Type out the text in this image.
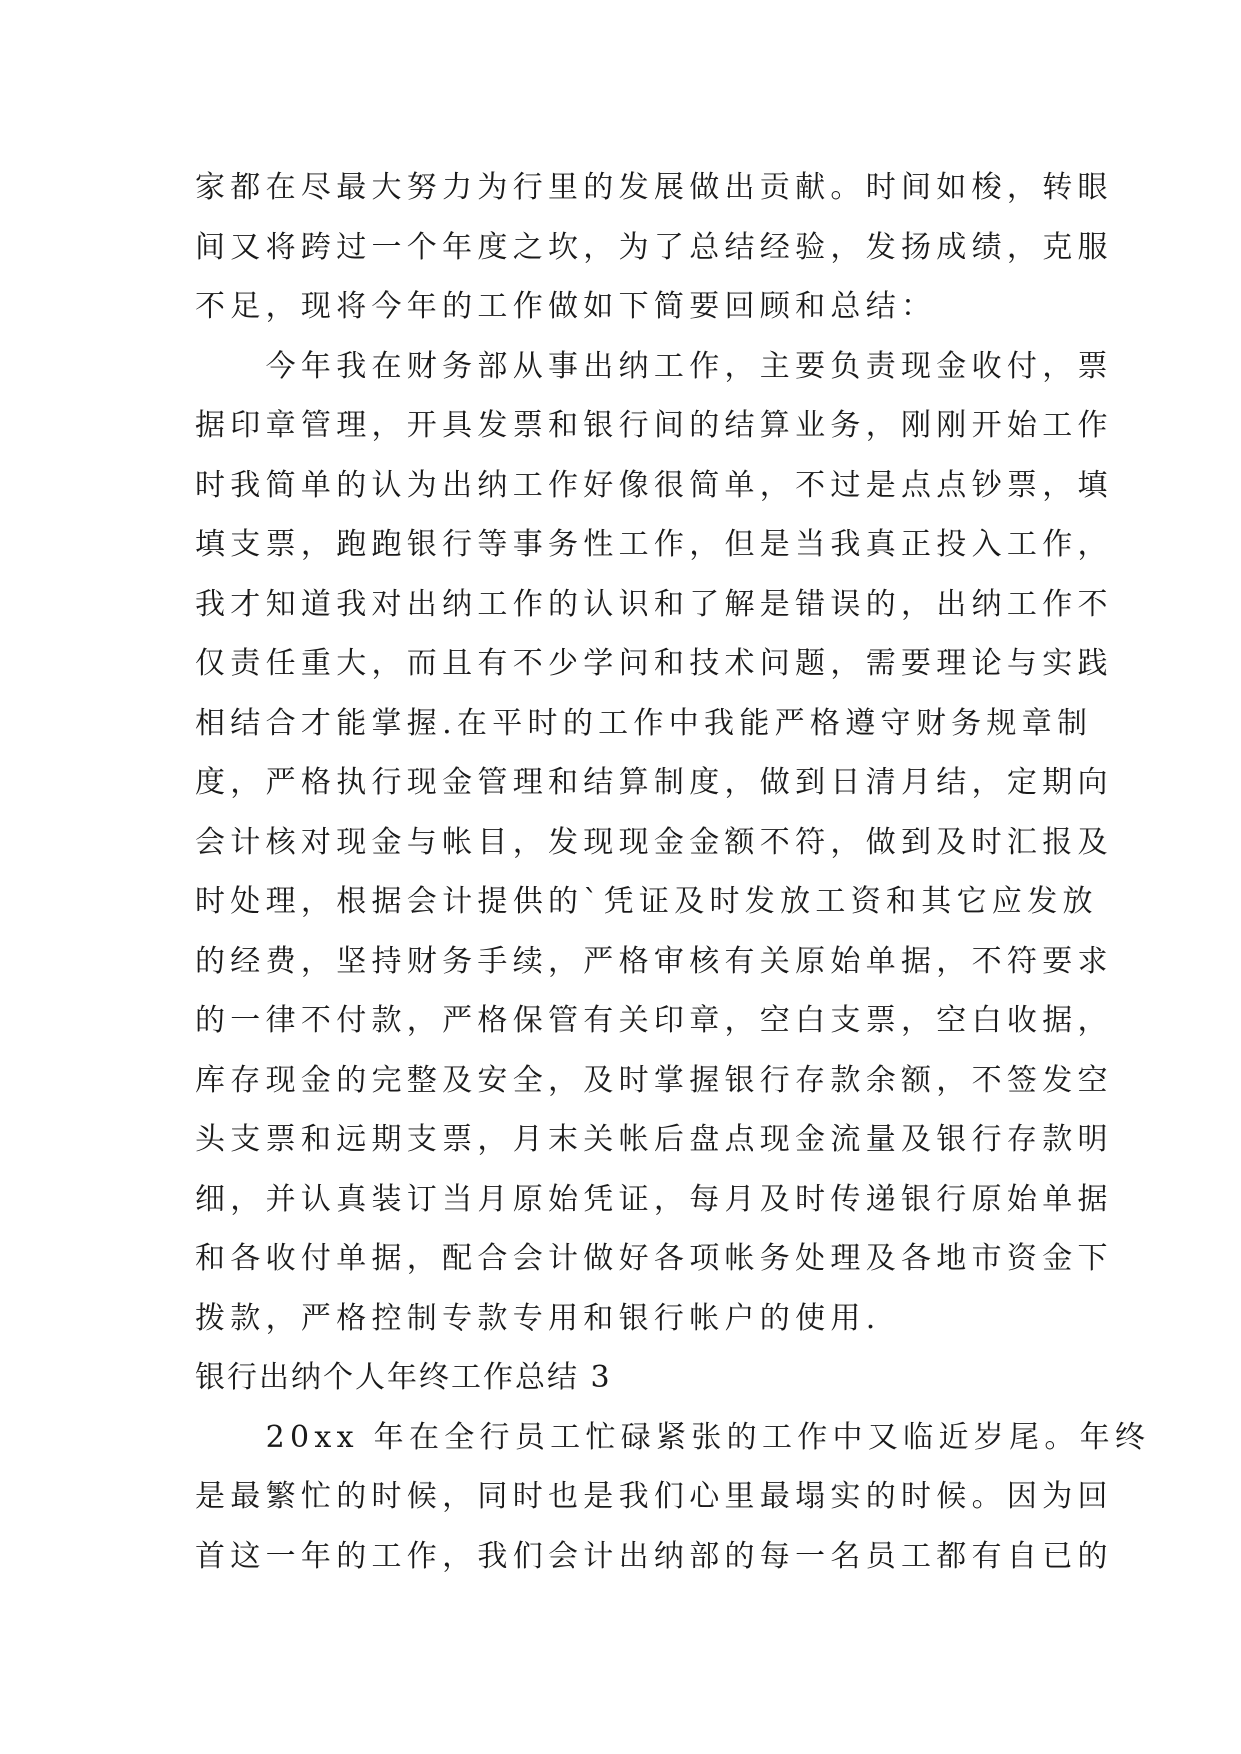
家都在尽最大努力为行里的发展做出贡献。时间如梭，转眼
间又将跨过一个年度之坎，为了总结经验，发扬成绩，克服
不足，现将今年的工作做如下简要回顾和总结：
　　今年我在财务部从事出纳工作，主要负责现金收付，票
据印章管理，开具发票和银行间的结算业务，刚刚开始工作
时我简单的认为出纳工作好像很简单，不过是点点钞票，填
填支票，跑跑银行等事务性工作，但是当我真正投入工作，
我才知道我对出纳工作的认识和了解是错误的，出纳工作不
仅责任重大，而且有不少学问和技术问题，需要理论与实践
相结合才能掌握.在平时的工作中我能严格遵守财务规章制
度，严格执行现金管理和结算制度，做到日清月结，定期向
会计核对现金与帐目，发现现金金额不符，做到及时汇报及
时处理，根据会计提供的`凭证及时发放工资和其它应发放
的经费，坚持财务手续，严格审核有关原始单据，不符要求
的一律不付款，严格保管有关印章，空白支票，空白收据，
库存现金的完整及安全，及时掌握银行存款余额，不签发空
头支票和远期支票，月末关帐后盘点现金流量及银行存款明
细，并认真装订当月原始凭证，每月及时传递银行原始单据
和各收付单据，配合会计做好各项帐务处理及各地市资金下
拨款，严格控制专款专用和银行帐户的使用.
银行出纳个人年终工作总结 3
　　20xx 年在全行员工忙碌紧张的工作中又临近岁尾。年终
是最繁忙的时候，同时也是我们心里最塌实的时候。因为回
首这一年的工作，我们会计出纳部的每一名员工都有自已的
